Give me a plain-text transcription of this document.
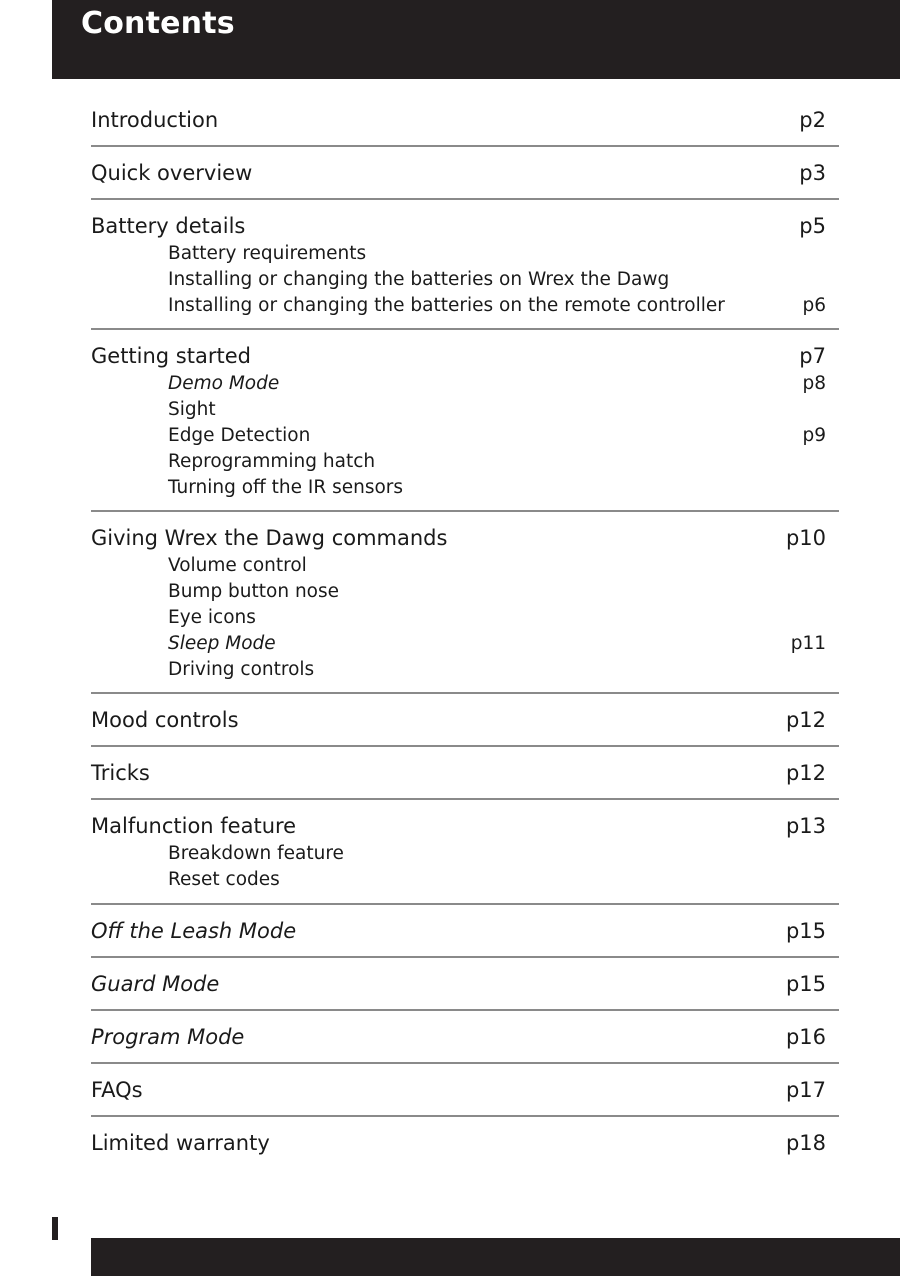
Contents
Introduction	p2
Quick overview	p3
Battery details	p5
Battery requirements
Installing or changing the batteries on Wrex the Dawg
Installing or changing the batteries on the remote controller	p6
Getting started	p7
Demo Mode	p8
Sight
Edge Detection	p9
Reprogramming hatch
Turning off the IR sensors
Giving Wrex the Dawg commands	p10
Volume control
Bump button nose
Eye icons
Sleep Mode	p11
Driving controls
Mood controls	p12
Tricks	p12
Malfunction feature	p13
Breakdown feature
Reset codes
Off the Leash Mode	p15
Guard Mode	p15
Program Mode	p16
FAQs	p17
Limited warranty	p18
